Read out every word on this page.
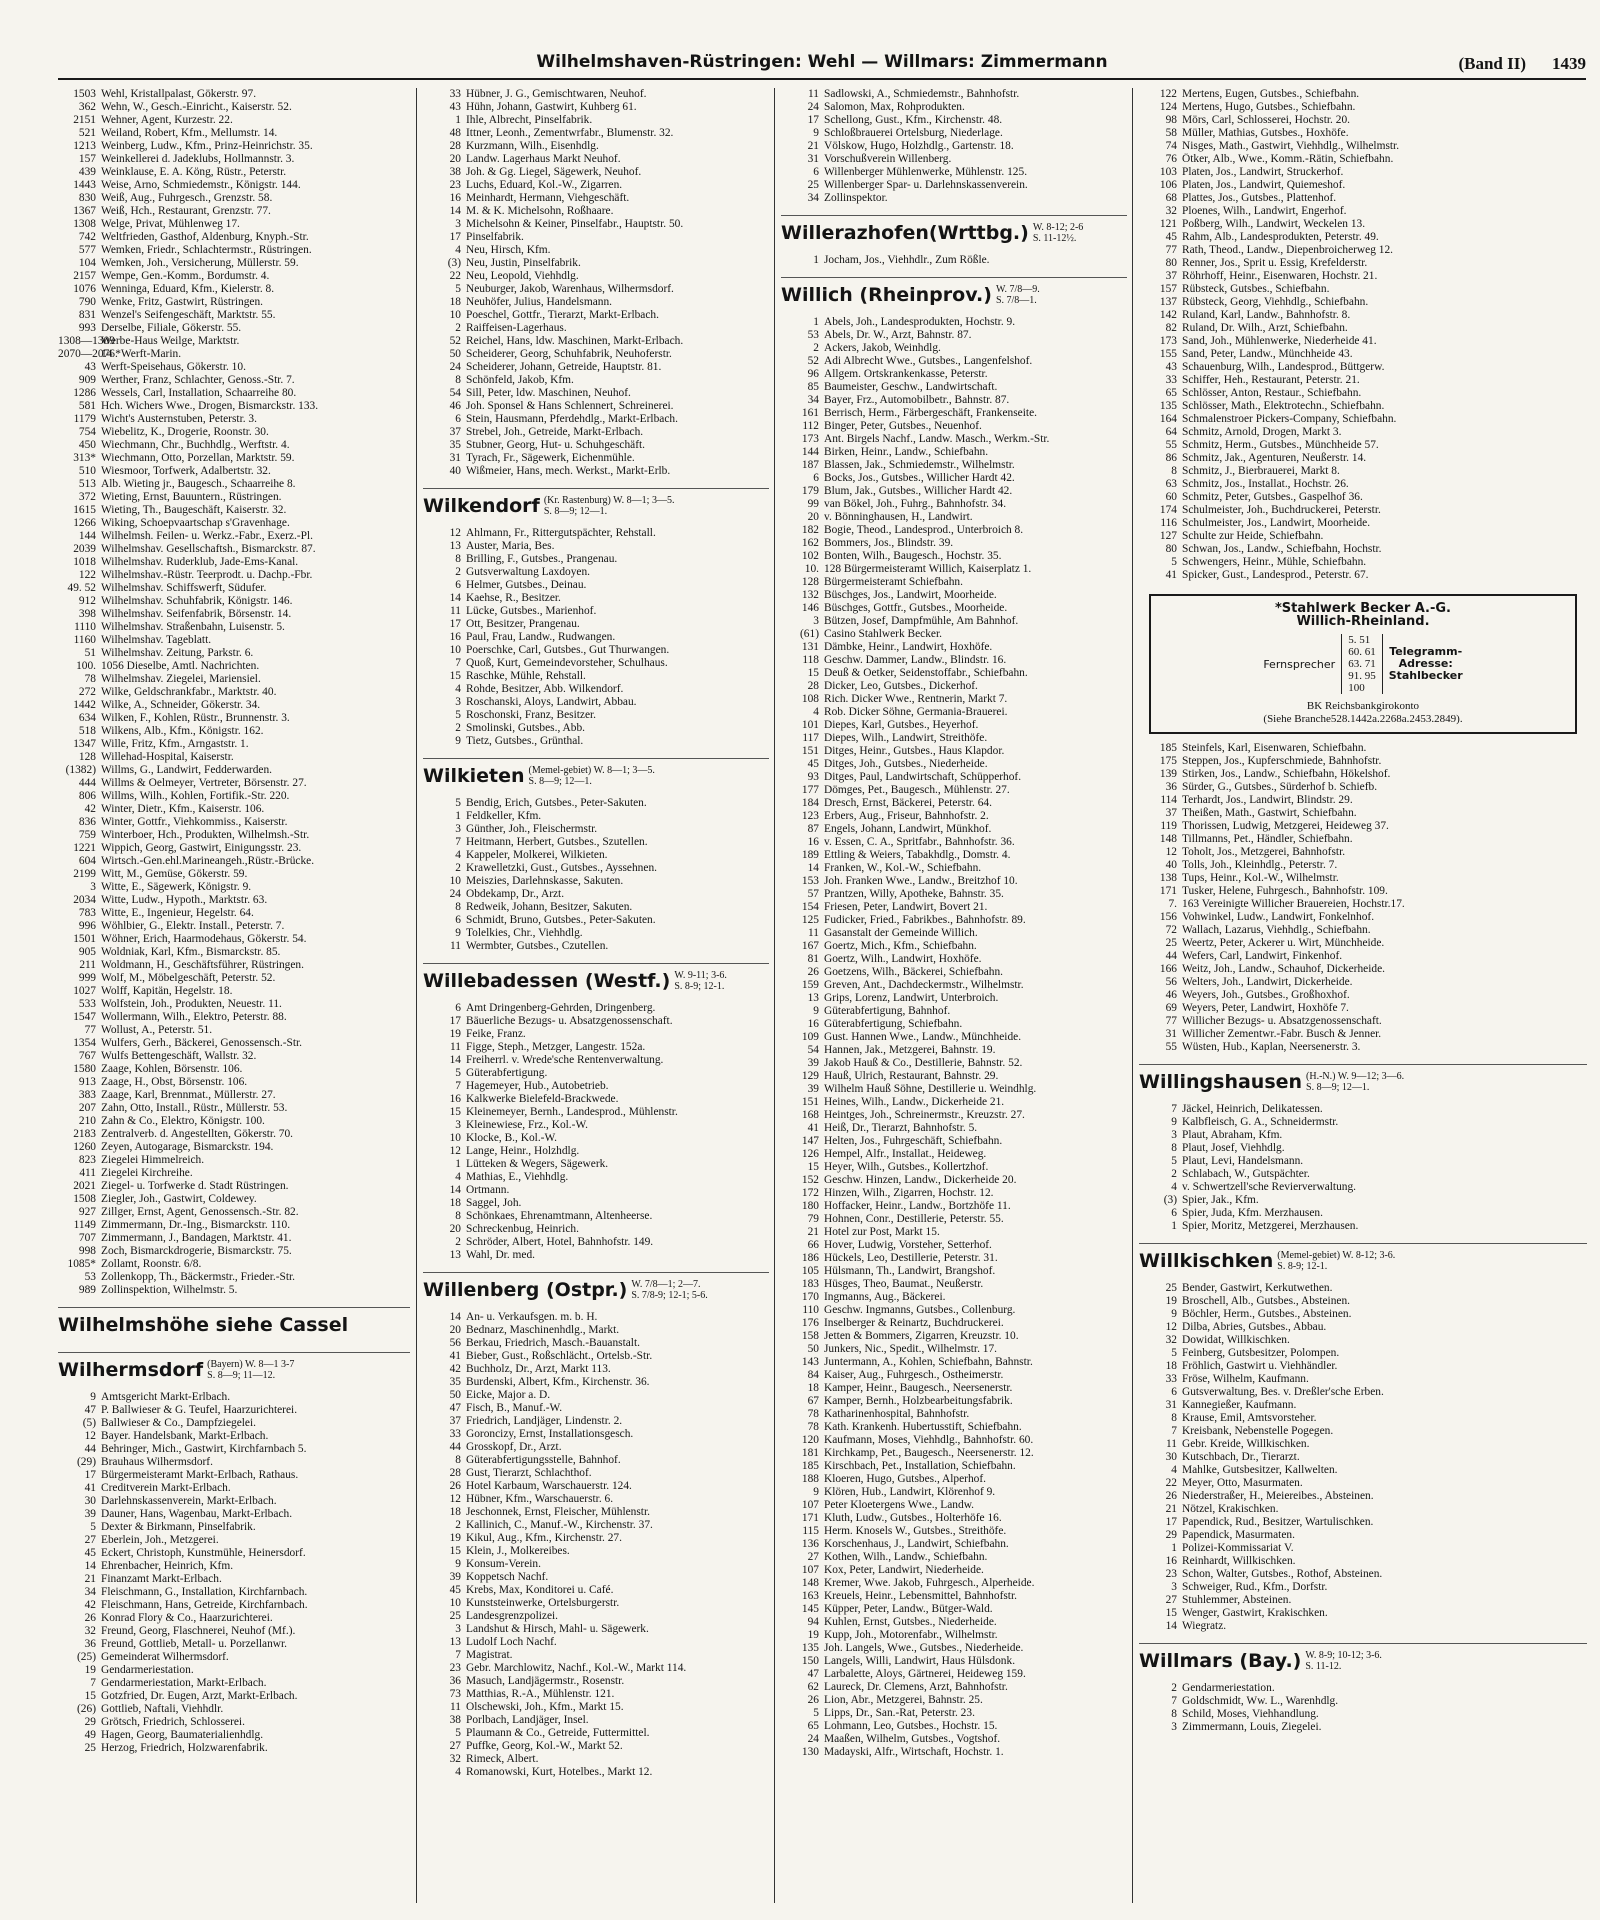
Wilhelmshaven-Rüstringen: Wehl — Willmars: Zimmermann	(Band II) 1439
1503 Wehl, Kristallpalast, Gökerstr. 97.
362 Wehn, W., Gesch.-Einricht., Kaiserstr. 52.
2151 Wehner, Agent, Kurzestr. 22.
521 Weiland, Robert, Kfm., Mellumstr. 14.
1213 Weinberg, Ludw., Kfm., Prinz-Heinrichstr. 35.
157 Weinkellerei d. Jadeklubs, Hollmannstr. 3.
439 Weinklause, E. A. Köng, Rüstr., Peterstr.
1443 Weise, Arno, Schmiedemstr., Königstr. 144.
830 Weiß, Aug., Fuhrgesch., Grenzstr. 58.
1367 Weiß, Hch., Restaurant, Grenzstr. 77.
1308 Welge, Privat, Mühlenweg 17.
742 Weltfrieden, Gasthof, Aldenburg, Knyph.-Str.
577 Wemken, Friedr., Schlachtermstr., Rüstringen.
104 Wemken, Joh., Versicherung, Müllerstr. 59.
2157 Wempe, Gen.-Komm., Bordumstr. 4.
1076 Wenninga, Eduard, Kfm., Kielerstr. 8.
790 Wenke, Fritz, Gastwirt, Rüstringen.
831 Wenzel's Seifengeschäft, Marktstr. 55.
993 Derselbe, Filiale, Gökerstr. 55.
1308—1309Werbe-Haus Weilge, Marktstr.
2070—2076.14 *Werft-Marin.
43 Werft-Speisehaus, Gökerstr. 10.
909 Werther, Franz, Schlachter, Genoss.-Str. 7.
1286 Wessels, Carl, Installation, Schaarreihe 80.
581 Hch. Wichers Wwe., Drogen, Bismarckstr. 133.
1179 Wicht's Austernstuben, Peterstr. 3.
754 Wiebelitz, K., Drogerie, Roonstr. 30.
450 Wiechmann, Chr., Buchhdlg., Werftstr. 4.
313* Wiechmann, Otto, Porzellan, Marktstr. 59.
510 Wiesmoor, Torfwerk, Adalbertstr. 32.
513 Alb. Wieting jr., Baugesch., Schaarreihe 8.
372 Wieting, Ernst, Bauuntern., Rüstringen.
1615 Wieting, Th., Baugeschäft, Kaiserstr. 32.
1266 Wiking, Schoepvaartschap s'Gravenhage.
144 Wilhelmsh. Feilen- u. Werkz.-Fabr., Exerz.-Pl.
2039 Wilhelmshav. Gesellschaftsh., Bismarckstr. 87.
1018 Wilhelmshav. Ruderklub, Jade-Ems-Kanal.
122 Wilhelmshav.-Rüstr. Teerprodt. u. Dachp.-Fbr.
49. 52 Wilhelmshav. Schiffswerft, Südufer.
912 Wilhelmshav. Schuhfabrik, Königstr. 146.
398 Wilhelmshav. Seifenfabrik, Börsenstr. 14.
1110 Wilhelmshav. Straßenbahn, Luisenstr. 5.
1160 Wilhelmshav. Tageblatt.
51 Wilhelmshav. Zeitung, Parkstr. 6.
100. 1056 Dieselbe, Amtl. Nachrichten.
78 Wilhelmshav. Ziegelei, Mariensiel.
272 Wilke, Geldschrankfabr., Marktstr. 40.
1442 Wilke, A., Schneider, Gökerstr. 34.
634 Wilken, F., Kohlen, Rüstr., Brunnenstr. 3.
518 Wilkens, Alb., Kfm., Königstr. 162.
1347 Wille, Fritz, Kfm., Arngaststr. 1.
128 Willehad-Hospital, Kaiserstr.
(1382) Willms, G., Landwirt, Fedderwarden.
444 Willms & Oelmeyer, Vertreter, Börsenstr. 27.
806 Willms, Wilh., Kohlen, Fortifik.-Str. 220.
42 Winter, Dietr., Kfm., Kaiserstr. 106.
836 Winter, Gottfr., Viehkommiss., Kaiserstr.
759 Winterboer, Hch., Produkten, Wilhelmsh.-Str.
1221 Wippich, Georg, Gastwirt, Einigungsstr. 23.
604 Wirtsch.-Gen.ehl.Marineangeh.,Rüstr.-Brücke.
2199 Witt, M., Gemüse, Gökerstr. 59.
3 Witte, E., Sägewerk, Königstr. 9.
2034 Witte, Ludw., Hypoth., Marktstr. 63.
783 Witte, E., Ingenieur, Hegelstr. 64.
996 Wöhlbier, G., Elektr. Install., Peterstr. 7.
1501 Wöhner, Erich, Haarmodehaus, Gökerstr. 54.
905 Woldniak, Karl, Kfm., Bismarckstr. 85.
211 Woldmann, H., Geschäftsführer, Rüstringen.
999 Wolf, M., Möbelgeschäft, Peterstr. 52.
1027 Wolff, Kapitän, Hegelstr. 18.
533 Wolfstein, Joh., Produkten, Neuestr. 11.
1547 Wollermann, Wilh., Elektro, Peterstr. 88.
77 Wollust, A., Peterstr. 51.
1354 Wulfers, Gerh., Bäckerei, Genossensch.-Str.
767 Wulfs Bettengeschäft, Wallstr. 32.
1580 Zaage, Kohlen, Börsenstr. 106.
913 Zaage, H., Obst, Börsenstr. 106.
383 Zaage, Karl, Brennmat., Müllerstr. 27.
207 Zahn, Otto, Install., Rüstr., Müllerstr. 53.
210 Zahn & Co., Elektro, Königstr. 100.
2183 Zentralverb. d. Angestellten, Gökerstr. 70.
1260 Zeyen, Autogarage, Bismarckstr. 194.
823 Ziegelei Himmelreich.
411 Ziegelei Kirchreihe.
2021 Ziegel- u. Torfwerke d. Stadt Rüstringen.
1508 Ziegler, Joh., Gastwirt, Coldewey.
927 Zillger, Ernst, Agent, Genossensch.-Str. 82.
1149 Zimmermann, Dr.-Ing., Bismarckstr. 110.
707 Zimmermann, J., Bandagen, Marktstr. 41.
998 Zoch, Bismarckdrogerie, Bismarckstr. 75.
1085* Zollamt, Roonstr. 6/8.
53 Zollenkopp, Th., Bäckermstr., Frieder.-Str.
989 Zollinspektion, Wilhelmstr. 5.
Wilhelmshöhe siehe Cassel
Wilhermsdorf (Bayern) W. 8—1 3-7
S. 8—9; 11—12.
9 Amtsgericht Markt-Erlbach.
47 P. Ballwieser & G. Teufel, Haarzurichterei.
(5) Ballwieser & Co., Dampfziegelei.
12 Bayer. Handelsbank, Markt-Erlbach.
44 Behringer, Mich., Gastwirt, Kirchfarnbach 5.
(29) Brauhaus Wilhermsdorf.
17 Bürgermeisteramt Markt-Erlbach, Rathaus.
41 Creditverein Markt-Erlbach.
30 Darlehnskassenverein, Markt-Erlbach.
39 Dauner, Hans, Wagenbau, Markt-Erlbach.
5 Dexter & Birkmann, Pinselfabrik.
27 Eberlein, Joh., Metzgerei.
45 Eckert, Christoph, Kunstmühle, Heinersdorf.
14 Ehrenbacher, Heinrich, Kfm.
21 Finanzamt Markt-Erlbach.
34 Fleischmann, G., Installation, Kirchfarnbach.
42 Fleischmann, Hans, Getreide, Kirchfarnbach.
26 Konrad Flory & Co., Haarzurichterei.
32 Freund, Georg, Flaschnerei, Neuhof (Mf.).
36 Freund, Gottlieb, Metall- u. Porzellanwr.
(25) Gemeinderat Wilhermsdorf.
19 Gendarmeriestation.
7 Gendarmeriestation, Markt-Erlbach.
15 Gotzfried, Dr. Eugen, Arzt, Markt-Erlbach.
(26) Gottlieb, Naftali, Viehhdlr.
29 Grötsch, Friedrich, Schlosserei.
49 Hagen, Georg, Baumaterialienhdlg.
25 Herzog, Friedrich, Holzwarenfabrik.
33 Hübner, J. G., Gemischtwaren, Neuhof.
43 Hühn, Johann, Gastwirt, Kuhberg 61.
1 Ihle, Albrecht, Pinselfabrik.
48 Ittner, Leonh., Zementwrfabr., Blumenstr. 32.
28 Kurzmann, Wilh., Eisenhdlg.
20 Landw. Lagerhaus Markt Neuhof.
38 Joh. & Gg. Liegel, Sägewerk, Neuhof.
23 Luchs, Eduard, Kol.-W., Zigarren.
16 Meinhardt, Hermann, Viehgeschäft.
14 M. & K. Michelsohn, Roßhaare.
3 Michelsohn & Keiner, Pinselfabr., Hauptstr. 50.
17 Pinselfabrik.
4 Neu, Hirsch, Kfm.
(3) Neu, Justin, Pinselfabrik.
22 Neu, Leopold, Viehhdlg.
5 Neuburger, Jakob, Warenhaus, Wilhermsdorf.
18 Neuhöfer, Julius, Handelsmann.
10 Poeschel, Gottfr., Tierarzt, Markt-Erlbach.
2 Raiffeisen-Lagerhaus.
52 Reichel, Hans, ldw. Maschinen, Markt-Erlbach.
50 Scheiderer, Georg, Schuhfabrik, Neuhoferstr.
24 Scheiderer, Johann, Getreide, Hauptstr. 81.
8 Schönfeld, Jakob, Kfm.
54 Sill, Peter, ldw. Maschinen, Neuhof.
46 Joh. Sponsel & Hans Schlennert, Schreinerei.
6 Stein, Hausmann, Pferdehdlg., Markt-Erlbach.
37 Strebel, Joh., Getreide, Markt-Erlbach.
35 Stubner, Georg, Hut- u. Schuhgeschäft.
31 Tyrach, Fr., Sägewerk, Eichenmühle.
40 Wißmeier, Hans, mech. Werkst., Markt-Erlb.
Wilkendorf (Kr. Rastenburg) W. 8—1; 3—5.
S. 8—9; 12—1.
12 Ahlmann, Fr., Rittergutspächter, Rehstall.
13 Auster, Maria, Bes.
8 Brilling, F., Gutsbes., Prangenau.
2 Gutsverwaltung Laxdoyen.
6 Helmer, Gutsbes., Deinau.
14 Kaehse, R., Besitzer.
11 Lücke, Gutsbes., Marienhof.
17 Ott, Besitzer, Prangenau.
16 Paul, Frau, Landw., Rudwangen.
10 Poerschke, Carl, Gutsbes., Gut Thurwangen.
7 Quoß, Kurt, Gemeindevorsteher, Schulhaus.
15 Raschke, Mühle, Rehstall.
4 Rohde, Besitzer, Abb. Wilkendorf.
3 Roschanski, Aloys, Landwirt, Abbau.
5 Roschonski, Franz, Besitzer.
2 Smolinski, Gutsbes., Abb.
9 Tietz, Gutsbes., Grünthal.
Wilkieten (Memel-gebiet) W. 8—1; 3—5.
S. 8—9; 12—1.
5 Bendig, Erich, Gutsbes., Peter-Sakuten.
1 Feldkeller, Kfm.
3 Günther, Joh., Fleischermstr.
7 Heitmann, Herbert, Gutsbes., Szutellen.
4 Kappeler, Molkerei, Wilkieten.
2 Krawelletzki, Gust., Gutsbes., Ayssehnen.
10 Meiszies, Darlehnskasse, Sakuten.
24 Obdekamp, Dr., Arzt.
8 Redweik, Johann, Besitzer, Sakuten.
6 Schmidt, Bruno, Gutsbes., Peter-Sakuten.
9 Tolelkies, Chr., Viehhdlg.
11 Wermbter, Gutsbes., Czutellen.
Willebadessen (Westf.) W. 9-11; 3-6.
S. 8-9; 12-1.
6 Amt Dringenberg-Gehrden, Dringenberg.
17 Bäuerliche Bezugs- u. Absatzgenossenschaft.
19 Feike, Franz.
11 Figge, Steph., Metzger, Langestr. 152a.
14 Freiherrl. v. Wrede'sche Rentenverwaltung.
5 Güterabfertigung.
7 Hagemeyer, Hub., Autobetrieb.
16 Kalkwerke Bielefeld-Brackwede.
15 Kleinemeyer, Bernh., Landesprod., Mühlenstr.
3 Kleinewiese, Frz., Kol.-W.
10 Klocke, B., Kol.-W.
12 Lange, Heinr., Holzhdlg.
1 Lütteken & Wegers, Sägewerk.
4 Mathias, E., Viehhdlg.
14 Ortmann.
18 Saggel, Joh.
8 Schönkaes, Ehrenamtmann, Altenheerse.
20 Schreckenbug, Heinrich.
2 Schröder, Albert, Hotel, Bahnhofstr. 149.
13 Wahl, Dr. med.
Willenberg (Ostpr.) W. 7/8—1; 2—7.
S. 7/8-9; 12-1; 5-6.
14 An- u. Verkaufsgen. m. b. H.
20 Bednarz, Maschinenhdlg., Markt.
56 Berkau, Friedrich, Masch.-Bauanstalt.
41 Bieber, Gust., Roßschlächt., Ortelsb.-Str.
42 Buchholz, Dr., Arzt, Markt 113.
35 Burdenski, Albert, Kfm., Kirchenstr. 36.
50 Eicke, Major a. D.
47 Fisch, B., Manuf.-W.
37 Friedrich, Landjäger, Lindenstr. 2.
33 Goroncizy, Ernst, Installationsgesch.
44 Grosskopf, Dr., Arzt.
8 Güterabfertigungsstelle, Bahnhof.
28 Gust, Tierarzt, Schlachthof.
26 Hotel Karbaum, Warschauerstr. 124.
12 Hübner, Kfm., Warschauerstr. 6.
18 Jeschonnek, Ernst, Fleischer, Mühlenstr.
2 Kallinich, C., Manuf.-W., Kirchenstr. 37.
19 Kikul, Aug., Kfm., Kirchenstr. 27.
15 Klein, J., Molkereibes.
9 Konsum-Verein.
39 Koppetsch Nachf.
45 Krebs, Max, Konditorei u. Café.
10 Kunststeinwerke, Ortelsburgerstr.
25 Landesgrenzpolizei.
3 Landshut & Hirsch, Mahl- u. Sägewerk.
13 Ludolf Loch Nachf.
7 Magistrat.
23 Gebr. Marchlowitz, Nachf., Kol.-W., Markt 114.
36 Masuch, Landjägermstr., Rosenstr.
73 Matthias, R.-A., Mühlenstr. 121.
11 Olschewski, Joh., Kfm., Markt 15.
38 Porlbach, Landjäger, Insel.
5 Plaumann & Co., Getreide, Futtermittel.
27 Puffke, Georg, Kol.-W., Markt 52.
32 Rimeck, Albert.
4 Romanowski, Kurt, Hotelbes., Markt 12.
11 Sadlowski, A., Schmiedemstr., Bahnhofstr.
24 Salomon, Max, Rohprodukten.
17 Schellong, Gust., Kfm., Kirchenstr. 48.
9 Schloßbrauerei Ortelsburg, Niederlage.
21 Völskow, Hugo, Holzhdlg., Gartenstr. 18.
31 Vorschußverein Willenberg.
6 Willenberger Mühlenwerke, Mühlenstr. 125.
25 Willenberger Spar- u. Darlehnskassenverein.
34 Zollinspektor.
Willerazhofen(Wrttbg.) W. 8-12; 2-6
S. 11-12½.
1 Jocham, Jos., Viehhdlr., Zum Rößle.
Willich (Rheinprov.) W. 7/8—9.
S. 7/8—1.
1 Abels, Joh., Landesprodukten, Hochstr. 9.
53 Abels, Dr. W., Arzt, Bahnstr. 87.
2 Ackers, Jakob, Weinhdlg.
52 Adi Albrecht Wwe., Gutsbes., Langenfelshof.
96 Allgem. Ortskrankenkasse, Peterstr.
85 Baumeister, Geschw., Landwirtschaft.
34 Bayer, Frz., Automobilbetr., Bahnstr. 87.
161 Berrisch, Herm., Färbergeschäft, Frankenseite.
112 Binger, Peter, Gutsbes., Neuenhof.
173 Ant. Birgels Nachf., Landw. Masch., Werkm.-Str.
144 Birken, Heinr., Landw., Schiefbahn.
187 Blassen, Jak., Schmiedemstr., Wilhelmstr.
6 Bocks, Jos., Gutsbes., Willicher Hardt 42.
179 Blum, Jak., Gutsbes., Willicher Hardt 42.
99 van Bökel, Joh., Fuhrg., Bahnhofstr. 34.
20 v. Bönninghausen, H., Landwirt.
182 Bogie, Theod., Landesprod., Unterbroich 8.
162 Bommers, Jos., Blindstr. 39.
102 Bonten, Wilh., Baugesch., Hochstr. 35.
10. 128 Bürgermeisteramt Willich, Kaiserplatz 1.
128 Bürgermeisteramt Schiefbahn.
132 Büschges, Jos., Landwirt, Moorheide.
146 Büschges, Gottfr., Gutsbes., Moorheide.
3 Bützen, Josef, Dampfmühle, Am Bahnhof.
(61) Casino Stahlwerk Becker.
131 Dämbke, Heinr., Landwirt, Hoxhöfe.
118 Geschw. Dammer, Landw., Blindstr. 16.
15 Deuß & Oetker, Seidenstoffabr., Schiefbahn.
28 Dicker, Leo, Gutsbes., Dickerhof.
108 Rich. Dicker Wwe., Rentnerin, Markt 7.
4 Rob. Dicker Söhne, Germania-Brauerei.
101 Diepes, Karl, Gutsbes., Heyerhof.
117 Diepes, Wilh., Landwirt, Streithöfe.
151 Ditges, Heinr., Gutsbes., Haus Klapdor.
45 Ditges, Joh., Gutsbes., Niederheide.
93 Ditges, Paul, Landwirtschaft, Schüpperhof.
177 Dömges, Pet., Baugesch., Mühlenstr. 27.
184 Dresch, Ernst, Bäckerei, Peterstr. 64.
123 Erbers, Aug., Friseur, Bahnhofstr. 2.
87 Engels, Johann, Landwirt, Münkhof.
16 v. Essen, C. A., Spritfabr., Bahnhofstr. 36.
189 Ettling & Weiers, Tabakhdlg., Domstr. 4.
14 Franken, W., Kol.-W., Schiefbahn.
153 Joh. Franken Wwe., Landw., Breitzhof 10.
57 Prantzen, Willy, Apotheke, Bahnstr. 35.
154 Friesen, Peter, Landwirt, Bovert 21.
125 Fudicker, Fried., Fabrikbes., Bahnhofstr. 89.
11 Gasanstalt der Gemeinde Willich.
167 Goertz, Mich., Kfm., Schiefbahn.
81 Goertz, Wilh., Landwirt, Hoxhöfe.
26 Goetzens, Wilh., Bäckerei, Schiefbahn.
159 Greven, Ant., Dachdeckermstr., Wilhelmstr.
13 Grips, Lorenz, Landwirt, Unterbroich.
9 Güterabfertigung, Bahnhof.
16 Güterabfertigung, Schiefbahn.
109 Gust. Hannen Wwe., Landw., Münchheide.
54 Hannen, Jak., Metzgerei, Bahnstr. 19.
39 Jakob Hauß & Co., Destillerie, Bahnstr. 52.
129 Hauß, Ulrich, Restaurant, Bahnstr. 29.
39 Wilhelm Hauß Söhne, Destillerie u. Weindhlg.
151 Heines, Wilh., Landw., Dickerheide 21.
168 Heintges, Joh., Schreinermstr., Kreuzstr. 27.
41 Heiß, Dr., Tierarzt, Bahnhofstr. 5.
147 Helten, Jos., Fuhrgeschäft, Schiefbahn.
126 Hempel, Alfr., Installat., Heideweg.
15 Heyer, Wilh., Gutsbes., Kollertzhof.
152 Geschw. Hinzen, Landw., Dickerheide 20.
172 Hinzen, Wilh., Zigarren, Hochstr. 12.
180 Hoffacker, Heinr., Landw., Bortzhöfe 11.
79 Hohnen, Conr., Destillerie, Peterstr. 55.
21 Hotel zur Post, Markt 15.
66 Hover, Ludwig, Vorsteher, Setterhof.
186 Hückels, Leo, Destillerie, Peterstr. 31.
105 Hülsmann, Th., Landwirt, Brangshof.
183 Hüsges, Theo, Baumat., Neußerstr.
170 Ingmanns, Aug., Bäckerei.
110 Geschw. Ingmanns, Gutsbes., Collenburg.
176 Inselberger & Reinartz, Buchdruckerei.
158 Jetten & Bommers, Zigarren, Kreuzstr. 10.
50 Junkers, Nic., Spedit., Wilhelmstr. 17.
143 Juntermann, A., Kohlen, Schiefbahn, Bahnstr.
84 Kaiser, Aug., Fuhrgesch., Ostheimerstr.
18 Kamper, Heinr., Baugesch., Neersenerstr.
67 Kamper, Bernh., Holzbearbeitungsfabrik.
78 Katharinenhospital, Bahnhofstr.
78 Kath. Krankenh. Hubertusstift, Schiefbahn.
120 Kaufmann, Moses, Viehhdlg., Bahnhofstr. 60.
181 Kirchkamp, Pet., Baugesch., Neersenerstr. 12.
185 Kirschbach, Pet., Installation, Schiefbahn.
188 Kloeren, Hugo, Gutsbes., Alperhof.
9 Klören, Hub., Landwirt, Klörenhof 9.
107 Peter Kloetergens Wwe., Landw.
171 Kluth, Ludw., Gutsbes., Holterhöfe 16.
115 Herm. Knosels W., Gutsbes., Streithöfe.
136 Korschenhaus, J., Landwirt, Schiefbahn.
27 Kothen, Wilh., Landw., Schiefbahn.
107 Kox, Peter, Landwirt, Niederheide.
148 Kremer, Wwe. Jakob, Fuhrgesch., Alperheide.
163 Kreuels, Heinr., Lebensmittel, Bahnhofstr.
145 Küpper, Peter, Landw., Bütger-Wald.
94 Kuhlen, Ernst, Gutsbes., Niederheide.
19 Kupp, Joh., Motorenfabr., Wilhelmstr.
135 Joh. Langels, Wwe., Gutsbes., Niederheide.
150 Langels, Willi, Landwirt, Haus Hülsdonk.
47 Larbalette, Aloys, Gärtnerei, Heideweg 159.
62 Laureck, Dr. Clemens, Arzt, Bahnhofstr.
26 Lion, Abr., Metzgerei, Bahnstr. 25.
5 Lipps, Dr., San.-Rat, Peterstr. 23.
65 Lohmann, Leo, Gutsbes., Hochstr. 15.
24 Maaßen, Wilhelm, Gutsbes., Vogtshof.
130 Madayski, Alfr., Wirtschaft, Hochstr. 1.
122 Mertens, Eugen, Gutsbes., Schiefbahn.
124 Mertens, Hugo, Gutsbes., Schiefbahn.
98 Mörs, Carl, Schlosserei, Hochstr. 20.
58 Müller, Mathias, Gutsbes., Hoxhöfe.
74 Nisges, Math., Gastwirt, Viehhdlg., Wilhelmstr.
76 Ötker, Alb., Wwe., Komm.-Rätin, Schiefbahn.
103 Platen, Jos., Landwirt, Struckerhof.
106 Platen, Jos., Landwirt, Quiemeshof.
68 Plattes, Jos., Gutsbes., Plattenhof.
32 Ploenes, Wilh., Landwirt, Engerhof.
121 Poßberg, Wilh., Landwirt, Weckelen 13.
45 Rahm, Alb., Landesprodukten, Peterstr. 49.
77 Rath, Theod., Landw., Diepenbroicherweg 12.
80 Renner, Jos., Sprit u. Essig, Krefelderstr.
37 Röhrhoff, Heinr., Eisenwaren, Hochstr. 21.
157 Rübsteck, Gutsbes., Schiefbahn.
137 Rübsteck, Georg, Viehhdlg., Schiefbahn.
142 Ruland, Karl, Landw., Bahnhofstr. 8.
82 Ruland, Dr. Wilh., Arzt, Schiefbahn.
173 Sand, Joh., Mühlenwerke, Niederheide 41.
155 Sand, Peter, Landw., Münchheide 43.
43 Schauenburg, Wilh., Landesprod., Büttgerw.
33 Schiffer, Heh., Restaurant, Peterstr. 21.
65 Schlösser, Anton, Restaur., Schiefbahn.
135 Schlösser, Math., Elektrotechn., Schiefbahn.
164 Schmalenstroer Pickers-Company, Schiefbahn.
64 Schmitz, Arnold, Drogen, Markt 3.
55 Schmitz, Herm., Gutsbes., Münchheide 57.
86 Schmitz, Jak., Agenturen, Neußerstr. 14.
8 Schmitz, J., Bierbrauerei, Markt 8.
63 Schmitz, Jos., Installat., Hochstr. 26.
60 Schmitz, Peter, Gutsbes., Gaspelhof 36.
174 Schulmeister, Joh., Buchdruckerei, Peterstr.
116 Schulmeister, Jos., Landwirt, Moorheide.
127 Schulte zur Heide, Schiefbahn.
80 Schwan, Jos., Landw., Schiefbahn, Hochstr.
5 Schwengers, Heinr., Mühle, Schiefbahn.
41 Spicker, Gust., Landesprod., Peterstr. 67.
*Stahlwerk Becker A.-G.
Willich-Rheinland.
Fernsprecher
5. 51
60. 61
63. 71
91. 95
100
Telegramm-
Adresse:
Stahlbecker
BK Reichsbankgirokonto
(Siehe Branche528.1442a.2268a.2453.2849).
185 Steinfels, Karl, Eisenwaren, Schiefbahn.
175 Steppen, Jos., Kupferschmiede, Bahnhofstr.
139 Stirken, Jos., Landw., Schiefbahn, Hökelshof.
36 Sürder, G., Gutsbes., Sürderhof b. Schiefb.
114 Terhardt, Jos., Landwirt, Blindstr. 29.
37 Theißen, Math., Gastwirt, Schiefbahn.
119 Thorissen, Ludwig, Metzgerei, Heideweg 37.
148 Tillmanns, Pet., Händler, Schiefbahn.
12 Toholt, Jos., Metzgerei, Bahnhofstr.
40 Tolls, Joh., Kleinhdlg., Peterstr. 7.
138 Tups, Heinr., Kol.-W., Wilhelmstr.
171 Tusker, Helene, Fuhrgesch., Bahnhofstr. 109.
7. 163 Vereinigte Willicher Brauereien, Hochstr.17.
156 Vohwinkel, Ludw., Landwirt, Fonkelnhof.
72 Wallach, Lazarus, Viehhdlg., Schiefbahn.
25 Weertz, Peter, Ackerer u. Wirt, Münchheide.
44 Wefers, Carl, Landwirt, Finkenhof.
166 Weitz, Joh., Landw., Schauhof, Dickerheide.
56 Welters, Joh., Landwirt, Dickerheide.
46 Weyers, Joh., Gutsbes., Großhoxhof.
69 Weyers, Peter, Landwirt, Hoxhöfe 7.
77 Willicher Bezugs- u. Absatzgenossenschaft.
31 Willicher Zementwr.-Fabr. Busch & Jenner.
55 Wüsten, Hub., Kaplan, Neersenerstr. 3.
Willingshausen (H.-N.) W. 9—12; 3—6.
S. 8—9; 12—1.
7 Jäckel, Heinrich, Delikatessen.
9 Kalbfleisch, G. A., Schneidermstr.
3 Plaut, Abraham, Kfm.
8 Plaut, Josef, Viehhdlg.
5 Plaut, Levi, Handelsmann.
2 Schlabach, W., Gutspächter.
4 v. Schwertzell'sche Revierverwaltung.
(3) Spier, Jak., Kfm.
6 Spier, Juda, Kfm. Merzhausen.
1 Spier, Moritz, Metzgerei, Merzhausen.
Willkischken (Memel-gebiet) W. 8-12; 3-6.
S. 8-9; 12-1.
25 Bender, Gastwirt, Kerkutwethen.
19 Broschell, Alb., Gutsbes., Absteinen.
9 Böchler, Herm., Gutsbes., Absteinen.
12 Dilba, Abries, Gutsbes., Abbau.
32 Dowidat, Willkischken.
5 Feinberg, Gutsbesitzer, Polompen.
18 Fröhlich, Gastwirt u. Viehhändler.
33 Fröse, Wilhelm, Kaufmann.
6 Gutsverwaltung, Bes. v. Dreßler'sche Erben.
31 Kannegießer, Kaufmann.
8 Krause, Emil, Amtsvorsteher.
7 Kreisbank, Nebenstelle Pogegen.
11 Gebr. Kreide, Willkischken.
30 Kutschbach, Dr., Tierarzt.
4 Mahlke, Gutsbesitzer, Kallwelten.
22 Meyer, Otto, Masurmaten.
26 Niederstraßer, H., Meiereibes., Absteinen.
21 Nötzel, Krakischken.
17 Papendick, Rud., Besitzer, Wartulischken.
29 Papendick, Masurmaten.
1 Polizei-Kommissariat V.
16 Reinhardt, Willkischken.
23 Schon, Walter, Gutsbes., Rothof, Absteinen.
3 Schweiger, Rud., Kfm., Dorfstr.
27 Stuhlemmer, Absteinen.
15 Wenger, Gastwirt, Krakischken.
14 Wiegratz.
Willmars (Bay.) W. 8-9; 10-12; 3-6.
S. 11-12.
2 Gendarmeriestation.
7 Goldschmidt, Ww. L., Warenhdlg.
8 Schild, Moses, Viehhandlung.
3 Zimmermann, Louis, Ziegelei.
